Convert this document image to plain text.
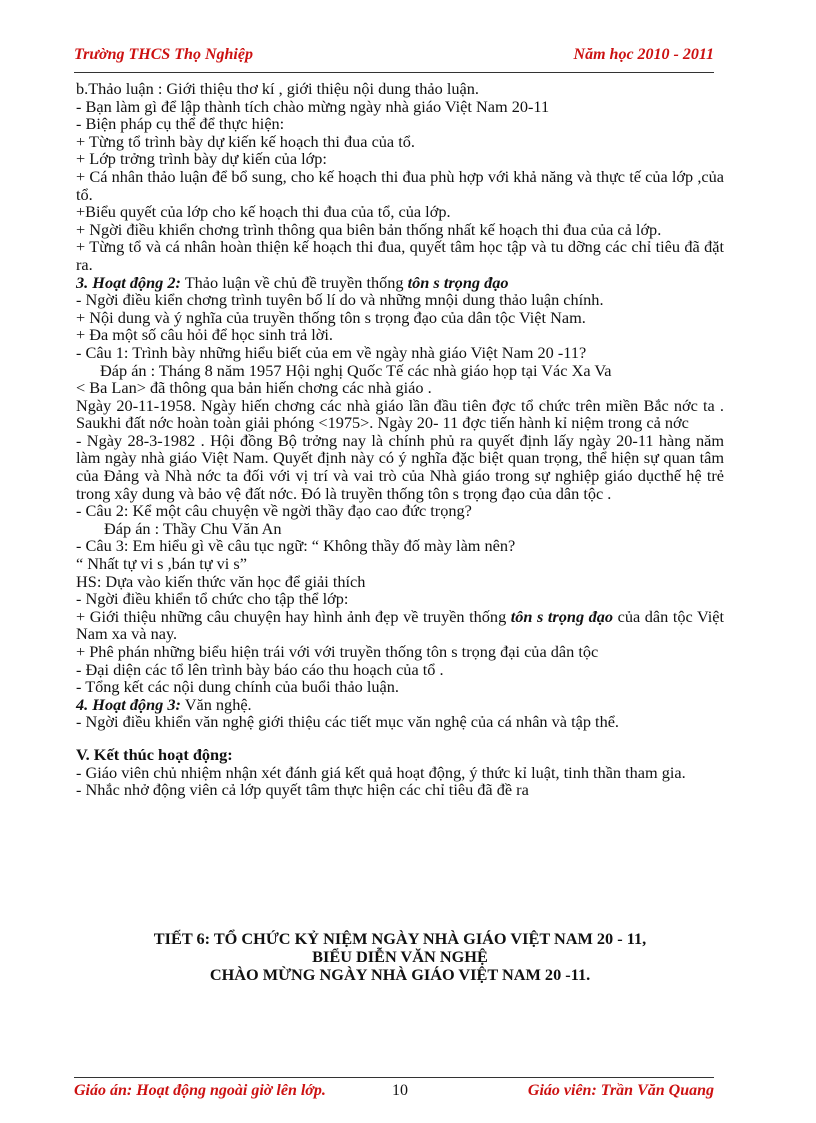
Trường THCS Thọ Nghiệp	Năm học 2010 - 2011

b.Thảo luận : Giới thiệu thơ kí , giới thiệu nội dung thảo luận.

- Bạn làm gì để lập thành tích chào mừng ngày nhà giáo Việt Nam 20-11

- Biện pháp cụ thể để thực hiện:

+ Từng tổ trình bày dự kiến kế hoạch thi đua của tổ.

+ Lớp trởng trình bày dự kiến của lớp:

+ Cá nhân thảo luận để bổ sung, cho kế hoạch thi đua phù hợp với khả năng và thực tế của lớp ,của tổ.

+Biểu quyết của lớp cho kế hoạch thi đua của tổ, của lớp.

+ Ngời điều khiển chơng trình thông qua biên bản thống nhất kế hoạch thi đua của cả lớp.

+ Từng tổ và cá nhân hoàn thiện kế hoạch thi đua, quyết tâm học tập và tu dỡng các chỉ tiêu đã đặt ra.

3. Hoạt động 2: Thảo luận về chủ đề truyền thống tôn s trọng đạo

- Ngời điều kiển chơng trình tuyên bố lí do và những mnội dung thảo luận chính.

+ Nội dung và ý nghĩa của truyền thống tôn s trọng đạo của dân tộc Việt Nam.

+ Đa một số câu hỏi để học sinh trả lời.

- Câu 1: Trình bày những hiểu biết của em về ngày nhà giáo Việt Nam 20 -11?

Đáp án : Tháng 8 năm 1957 Hội nghị Quốc Tế các nhà giáo họp tại Vác Xa Va

< Ba Lan> đã thông qua bản hiến chơng các nhà giáo .

Ngày 20-11-1958. Ngày hiến chơng các nhà giáo lần đầu tiên đợc tổ chức trên miền Bắc nớc ta . Saukhi đất nớc hoàn toàn giải phóng <1975>. Ngày 20- 11 đợc tiến hành kỉ niệm trong cả nớc

- Ngày 28-3-1982 . Hội đồng Bộ trởng nay là chính phủ ra quyết định lấy ngày 20-11 hàng năm làm ngày nhà giáo Việt Nam. Quyết định này có ý nghĩa đặc biệt quan trọng, thể hiện sự quan tâm của Đảng và Nhà nớc ta đối với vị trí và vai trò của Nhà giáo trong sự nghiệp giáo dụcthế hệ trẻ trong xây dung và bảo vệ đất nớc. Đó là truyền thống tôn s trọng đạo của dân tộc .

- Câu 2: Kể một câu chuyện về ngời thầy đạo cao đức trọng?

Đáp án : Thầy Chu Văn An

- Câu 3: Em hiểu gì về câu tục ngữ: “ Không thầy đố mày làm nên?

“ Nhất tự vi s ,bán tự vi s”

HS: Dựa vào kiến thức văn học để giải thích

- Ngời điều khiển tổ chức cho tập thể lớp:

+ Giới thiệu những câu chuyện hay hình ảnh đẹp về truyền thống tôn s trọng đạo của dân tộc Việt Nam xa và nay.

+ Phê phán những biểu hiện trái với với truyền thống tôn s trọng đại của dân tộc

- Đại diện các tổ lên trình bày báo cáo thu hoạch của tổ .

- Tổng kết các nội dung chính của buổi thảo luận.

4. Hoạt động 3: Văn nghệ.

- Ngời điều khiển văn nghệ giới thiệu các tiết mục văn nghệ của cá nhân và tập thể.

V. Kết thúc hoạt động:

- Giáo viên chủ nhiệm nhận xét đánh giá kết quả hoạt động, ý thức kỉ luật, tinh thần tham gia.

- Nhắc nhở động viên cả lớp quyết tâm thực hiện các chỉ tiêu đã đề ra

TIẾT 6: TỔ CHỨC KỶ NIỆM NGÀY NHÀ GIÁO VIỆT NAM 20 - 11,
BIỂU DIỄN VĂN NGHỆ
CHÀO MỪNG NGÀY NHÀ GIÁO VIỆT NAM 20 -11.
Giáo án: Hoạt động ngoài giờ lên lớp.	10	Giáo viên: Trần Văn Quang
